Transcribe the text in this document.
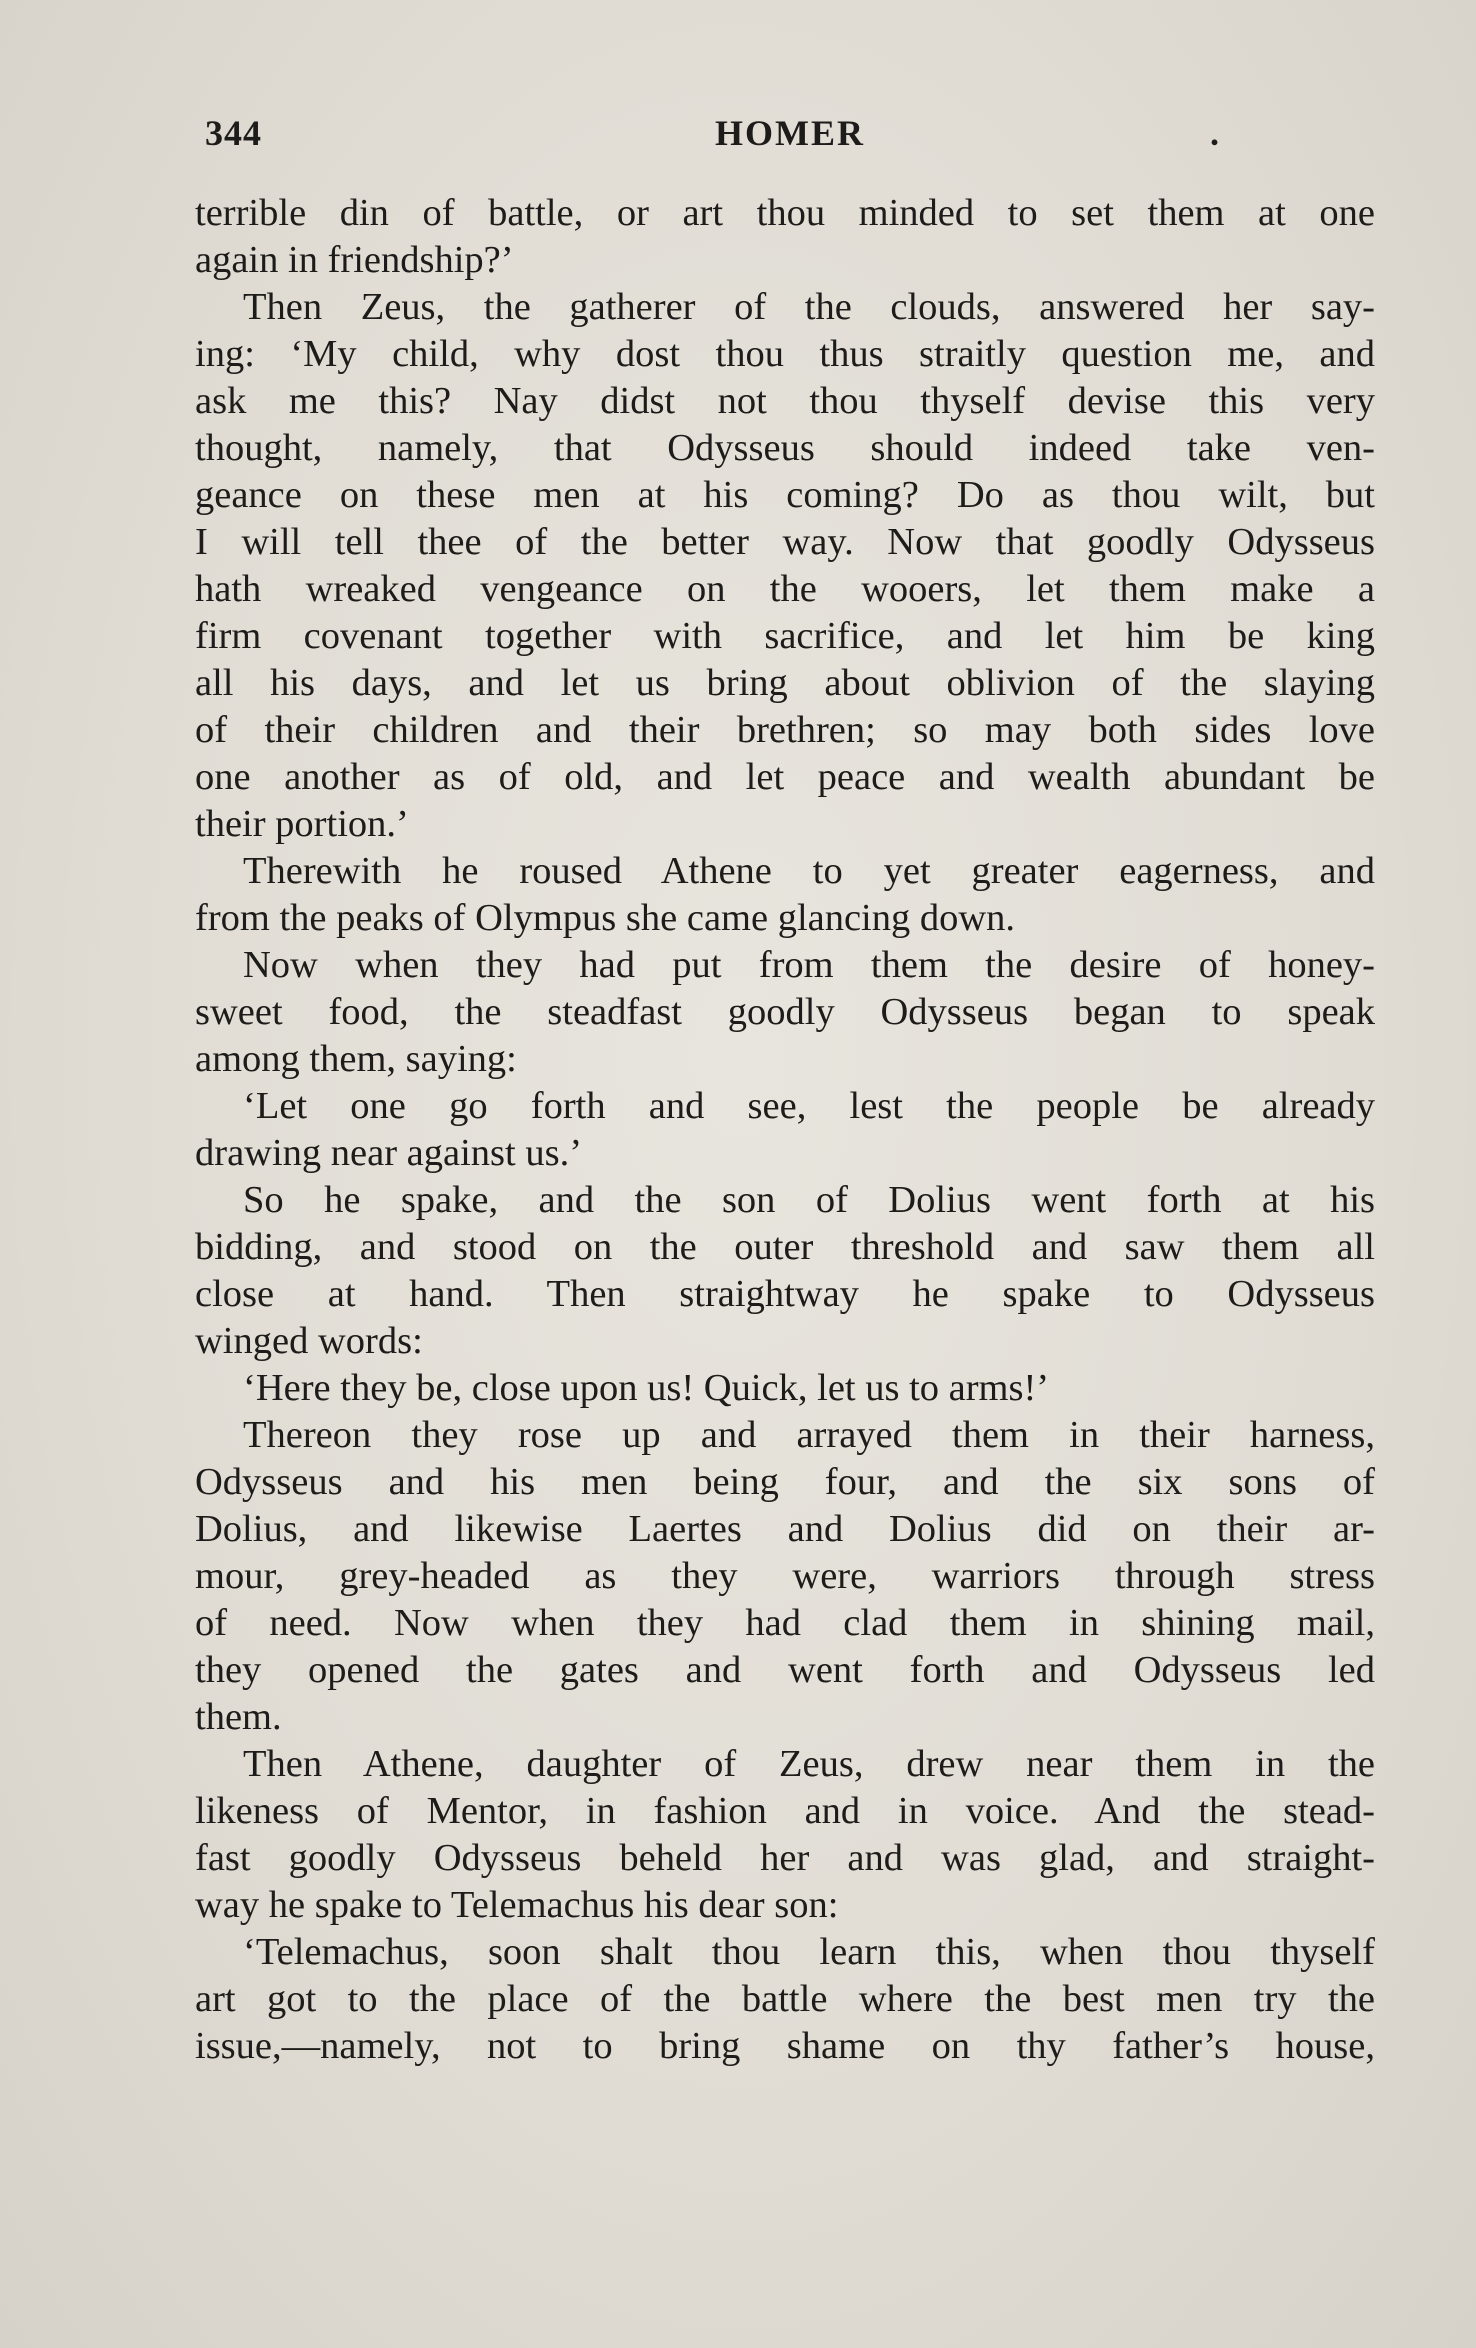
344	HOMER	.
terrible din of battle, or art thou minded to set them at one
again in friendship?’
Then Zeus, the gatherer of the clouds, answered her say-
ing: ‘My child, why dost thou thus straitly question me, and
ask me this? Nay didst not thou thyself devise this very
thought, namely, that Odysseus should indeed take ven-
geance on these men at his coming? Do as thou wilt, but
I will tell thee of the better way. Now that goodly Odysseus
hath wreaked vengeance on the wooers, let them make a
firm covenant together with sacrifice, and let him be king
all his days, and let us bring about oblivion of the slaying
of their children and their brethren; so may both sides love
one another as of old, and let peace and wealth abundant be
their portion.’
Therewith he roused Athene to yet greater eagerness, and
from the peaks of Olympus she came glancing down.
Now when they had put from them the desire of honey-
sweet food, the steadfast goodly Odysseus began to speak
among them, saying:
‘Let one go forth and see, lest the people be already
drawing near against us.’
So he spake, and the son of Dolius went forth at his
bidding, and stood on the outer threshold and saw them all
close at hand. Then straightway he spake to Odysseus
winged words:
‘Here they be, close upon us! Quick, let us to arms!’
Thereon they rose up and arrayed them in their harness,
Odysseus and his men being four, and the six sons of
Dolius, and likewise Laertes and Dolius did on their ar-
mour, grey-headed as they were, warriors through stress
of need. Now when they had clad them in shining mail,
they opened the gates and went forth and Odysseus led
them.
Then Athene, daughter of Zeus, drew near them in the
likeness of Mentor, in fashion and in voice. And the stead-
fast goodly Odysseus beheld her and was glad, and straight-
way he spake to Telemachus his dear son:
‘Telemachus, soon shalt thou learn this, when thou thyself
art got to the place of the battle where the best men try the
issue,—namely, not to bring shame on thy father’s house,
